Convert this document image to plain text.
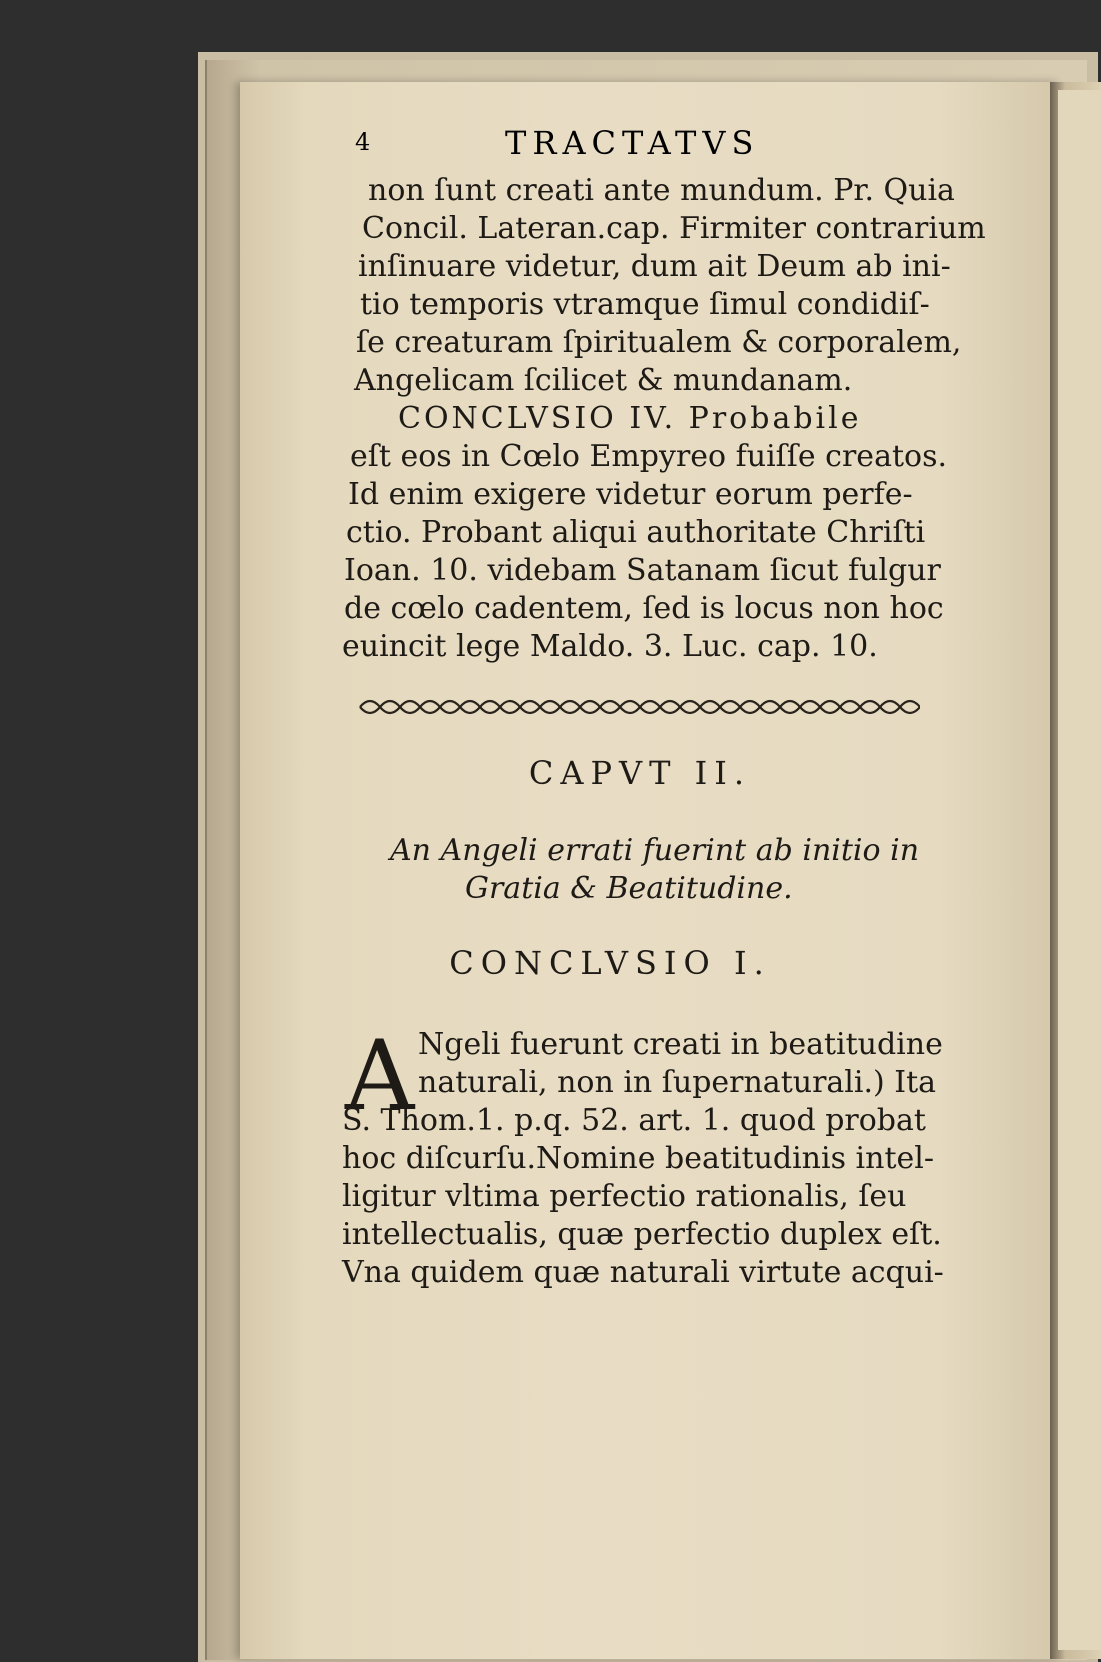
4	TRACTATVS
non ſunt creati ante mundum. Pr. Quia
Concil. Lateran.cap. Firmiter contrarium
inſinuare videtur, dum ait Deum ab ini-
tio temporis vtramque ſimul condidiſ-
ſe creaturam ſpiritualem & corporalem,
Angelicam ſcilicet & mundanam.
CONCLVSIO IV. Probabile
eſt eos in Cœlo Empyreo fuiſſe creatos.
Id enim exigere videtur eorum perfe-
ctio. Probant aliqui authoritate Chriſti
Ioan. 10. videbam Satanam ſicut fulgur
de cœlo cadentem, ſed is locus non hoc
euincit lege Maldo. 3. Luc. cap. 10.
CAPVT II.
An Angeli errati fuerint ab initio in
Gratia & Beatitudine.
CONCLVSIO I.
Ngeli fuerunt creati in beatitudine
naturali, non in ſupernaturali.) Ita
S. Thom.1. p.q. 52. art. 1. quod probat
hoc diſcurſu.Nomine beatitudinis intel-
ligitur vltima perfectio rationalis, ſeu
intellectualis, quæ perfectio duplex eſt.
Vna quidem quæ naturali virtute acqui-
A
